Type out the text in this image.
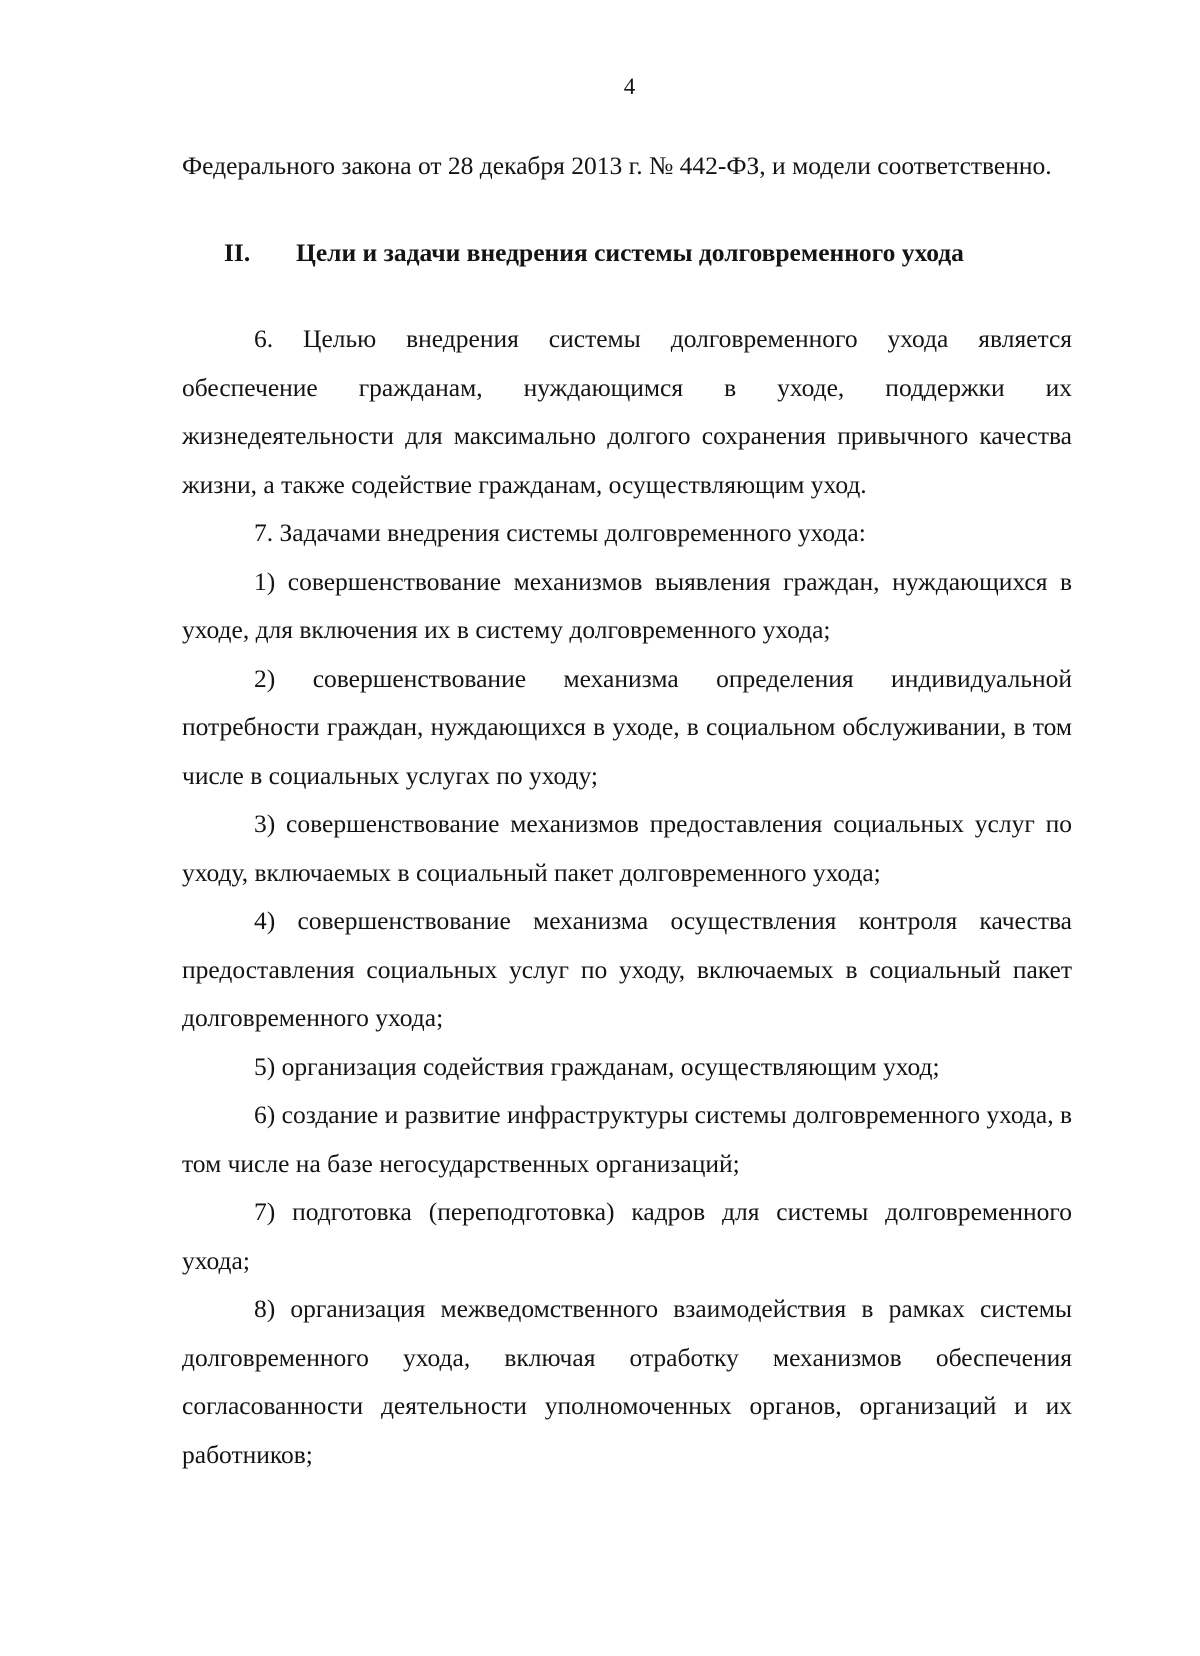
4

Федерального закона от 28 декабря 2013 г. № 442-ФЗ, и модели соответственно.

II.	Цели и задачи внедрения системы долговременного ухода

6. Целью внедрения системы долговременного ухода является обеспечение гражданам, нуждающимся в уходе, поддержки их жизнедеятельности для максимально долгого сохранения привычного качества жизни, а также содействие гражданам, осуществляющим уход.

7. Задачами внедрения системы долговременного ухода:

1) совершенствование механизмов выявления граждан, нуждающихся в уходе, для включения их в систему долговременного ухода;

2) совершенствование механизма определения индивидуальной потребности граждан, нуждающихся в уходе, в социальном обслуживании, в том числе в социальных услугах по уходу;

3) совершенствование механизмов предоставления социальных услуг по уходу, включаемых в социальный пакет долговременного ухода;

4) совершенствование механизма осуществления контроля качества предоставления социальных услуг по уходу, включаемых в социальный пакет долговременного ухода;

5) организация содействия гражданам, осуществляющим уход;

6) создание и развитие инфраструктуры системы долговременного ухода, в том числе на базе негосударственных организаций;

7) подготовка (переподготовка) кадров для системы долговременного ухода;

8) организация межведомственного взаимодействия в рамках системы долговременного ухода, включая отработку механизмов обеспечения согласованности деятельности уполномоченных органов, организаций и их работников;
